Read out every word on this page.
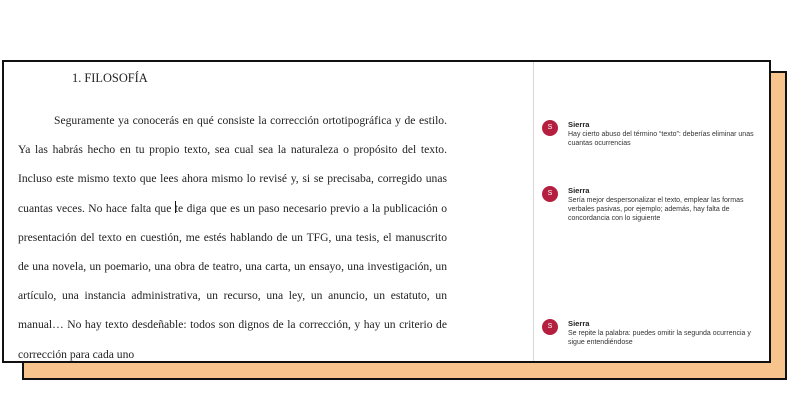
1. FILOSOFÍA
Seguramente ya conocerás en qué consiste la corrección ortotipográfica y de estilo. Ya las habrás hecho en tu propio texto, sea cual sea la naturaleza o propósito del texto. Incluso este mismo texto que lees ahora mismo lo revisé y, si se precisaba, corregido unas cuantas veces. No hace falta que te diga que es un paso necesario previo a la publicación o presentación del texto en cuestión, me estés hablando de un TFG, una tesis, el manuscrito de una novela, un poemario, una obra de teatro, una carta, un ensayo, una investigación, un artículo, una instancia administrativa, un recurso, una ley, un anuncio, un estatuto, un manual… No hay texto desdeñable: todos son dignos de la corrección, y hay un criterio de corrección para cada uno
S	Sierra
Hay cierto abuso del término “texto”: deberías eliminar unas cuantas ocurrencias
S	Sierra
Sería mejor despersonalizar el texto, emplear las formas verbales pasivas, por ejemplo; además, hay falta de concordancia con lo siguiente
S	Sierra
Se repite la palabra: puedes omitir la segunda ocurrencia y sigue entendiéndose
